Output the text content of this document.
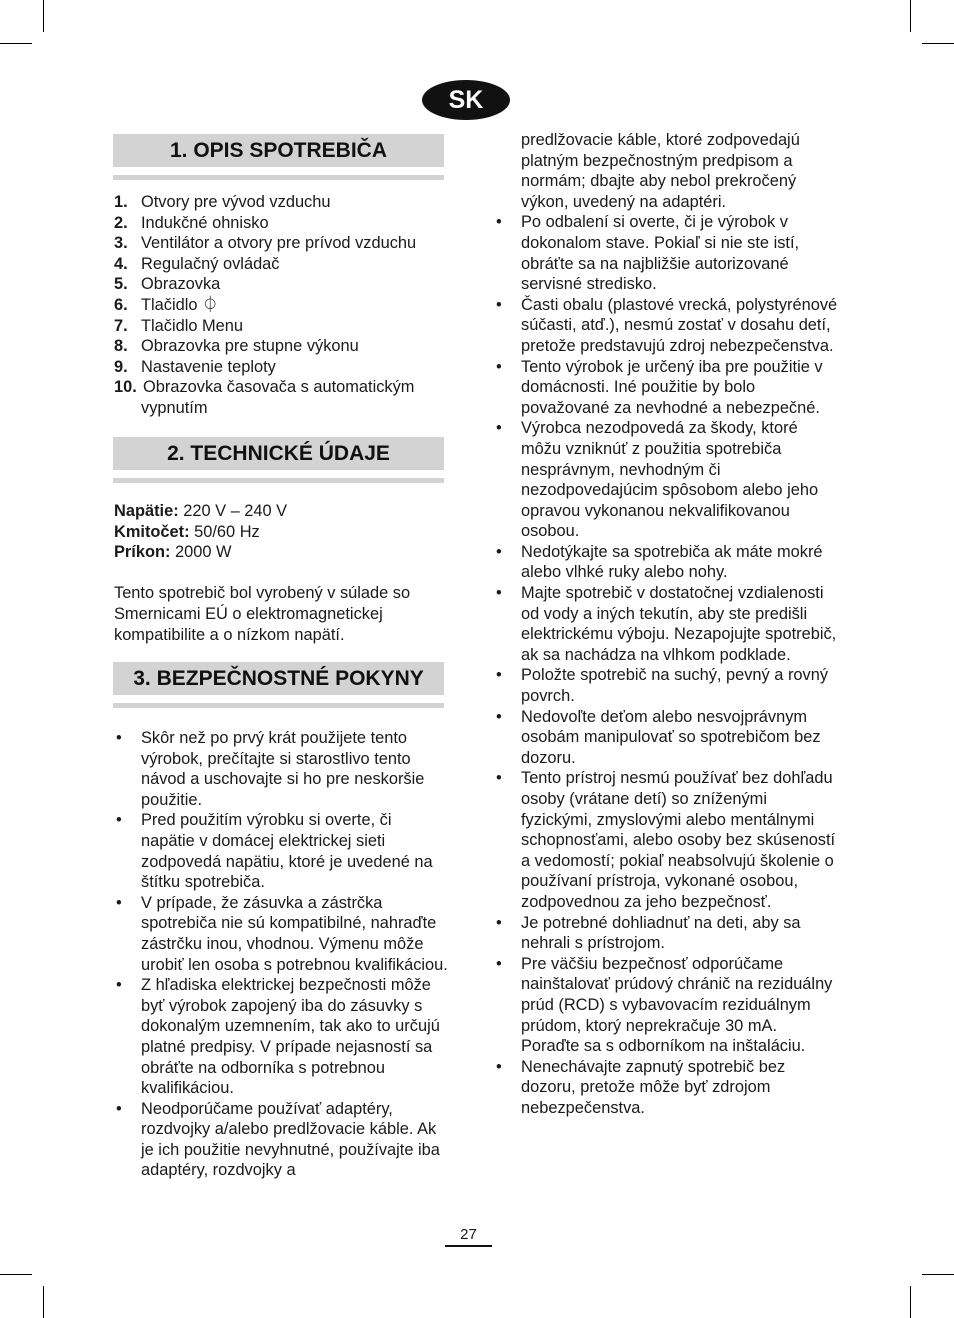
SK
1. OPIS SPOTREBIČA
1. Otvory pre vývod vzduchu
2. Indukčné ohnisko
3. Ventilátor a otvory pre prívod vzduchu
4. Regulačný ovládač
5. Obrazovka
6. Tlačidlo ⏀
7. Tlačidlo Menu
8. Obrazovka pre stupne výkonu
9. Nastavenie teploty
10. Obrazovka časovača s automatickým vypnutím
2. TECHNICKÉ ÚDAJE
Napätie: 220 V – 240 V
Kmitočet: 50/60 Hz
Príkon: 2000 W
Tento spotrebič bol vyrobený v súlade so Smernicami EÚ o elektromagnetickej kompatibilite a o nízkom napätí.
3. BEZPEČNOSTNÉ POKYNY
• Skôr než po prvý krát použijete tento výrobok, prečítajte si starostlivo tento návod a uschovajte si ho pre neskoršie použitie.
• Pred použitím výrobku si overte, či napätie v domácej elektrickej sieti zodpovedá napätiu, ktoré je uvedené na štítku spotrebiča.
• V prípade, že zásuvka a zástrčka spotrebiča nie sú kompatibilné, nahraďte zástrčku inou, vhodnou. Výmenu môže urobiť len osoba s potrebnou kvalifikáciou.
• Z hľadiska elektrickej bezpečnosti môže byť výrobok zapojený iba do zásuvky s dokonalým uzemnením, tak ako to určujú platné predpisy. V prípade nejasností sa obráťte na odborníka s potrebnou kvalifikáciou.
• Neodporúčame používať adaptéry, rozdvojky a/alebo predlžovacie káble. Ak je ich použitie nevyhnutné, používajte iba adaptéry, rozdvojky a
predlžovacie káble, ktoré zodpovedajú platným bezpečnostným predpisom a normám; dbajte aby nebol prekročený výkon, uvedený na adaptéri.
• Po odbalení si overte, či je výrobok v dokonalom stave. Pokiaľ si nie ste istí, obráťte sa na najbližšie autorizované servisné stredisko.
• Časti obalu (plastové vrecká, polystyrénové súčasti, atď.), nesmú zostať v dosahu detí, pretože predstavujú zdroj nebezpečenstva.
• Tento výrobok je určený iba pre použitie v domácnosti. Iné použitie by bolo považované za nevhodné a nebezpečné.
• Výrobca nezodpovedá za škody, ktoré môžu vzniknúť z použitia spotrebiča nesprávnym, nevhodným či nezodpovedajúcim spôsobom alebo jeho opravou vykonanou nekvalifikovanou osobou.
• Nedotýkajte sa spotrebiča ak máte mokré alebo vlhké ruky alebo nohy.
• Majte spotrebič v dostatočnej vzdialenosti od vody a iných tekutín, aby ste predišli elektrickému výboju. Nezapojujte spotrebič, ak sa nachádza na vlhkom podklade.
• Položte spotrebič na suchý, pevný a rovný povrch.
• Nedovoľte deťom alebo nesvojprávnym osobám manipulovať so spotrebičom bez dozoru.
• Tento prístroj nesmú používať bez dohľadu osoby (vrátane detí) so zníženými fyzickými, zmyslovými alebo mentálnymi schopnosťami, alebo osoby bez skúseností a vedomostí; pokiaľ neabsolvujú školenie o používaní prístroja, vykonané osobou, zodpovednou za jeho bezpečnosť.
• Je potrebné dohliadnuť na deti, aby sa nehrali s prístrojom.
• Pre väčšiu bezpečnosť odporúčame nainštalovať prúdový chránič na reziduálny prúd (RCD) s vybavovacím reziduálnym prúdom, ktorý neprekračuje 30 mA. Poraďte sa s odborníkom na inštaláciu.
• Nenechávajte zapnutý spotrebič bez dozoru, pretože môže byť zdrojom nebezpečenstva.
27
